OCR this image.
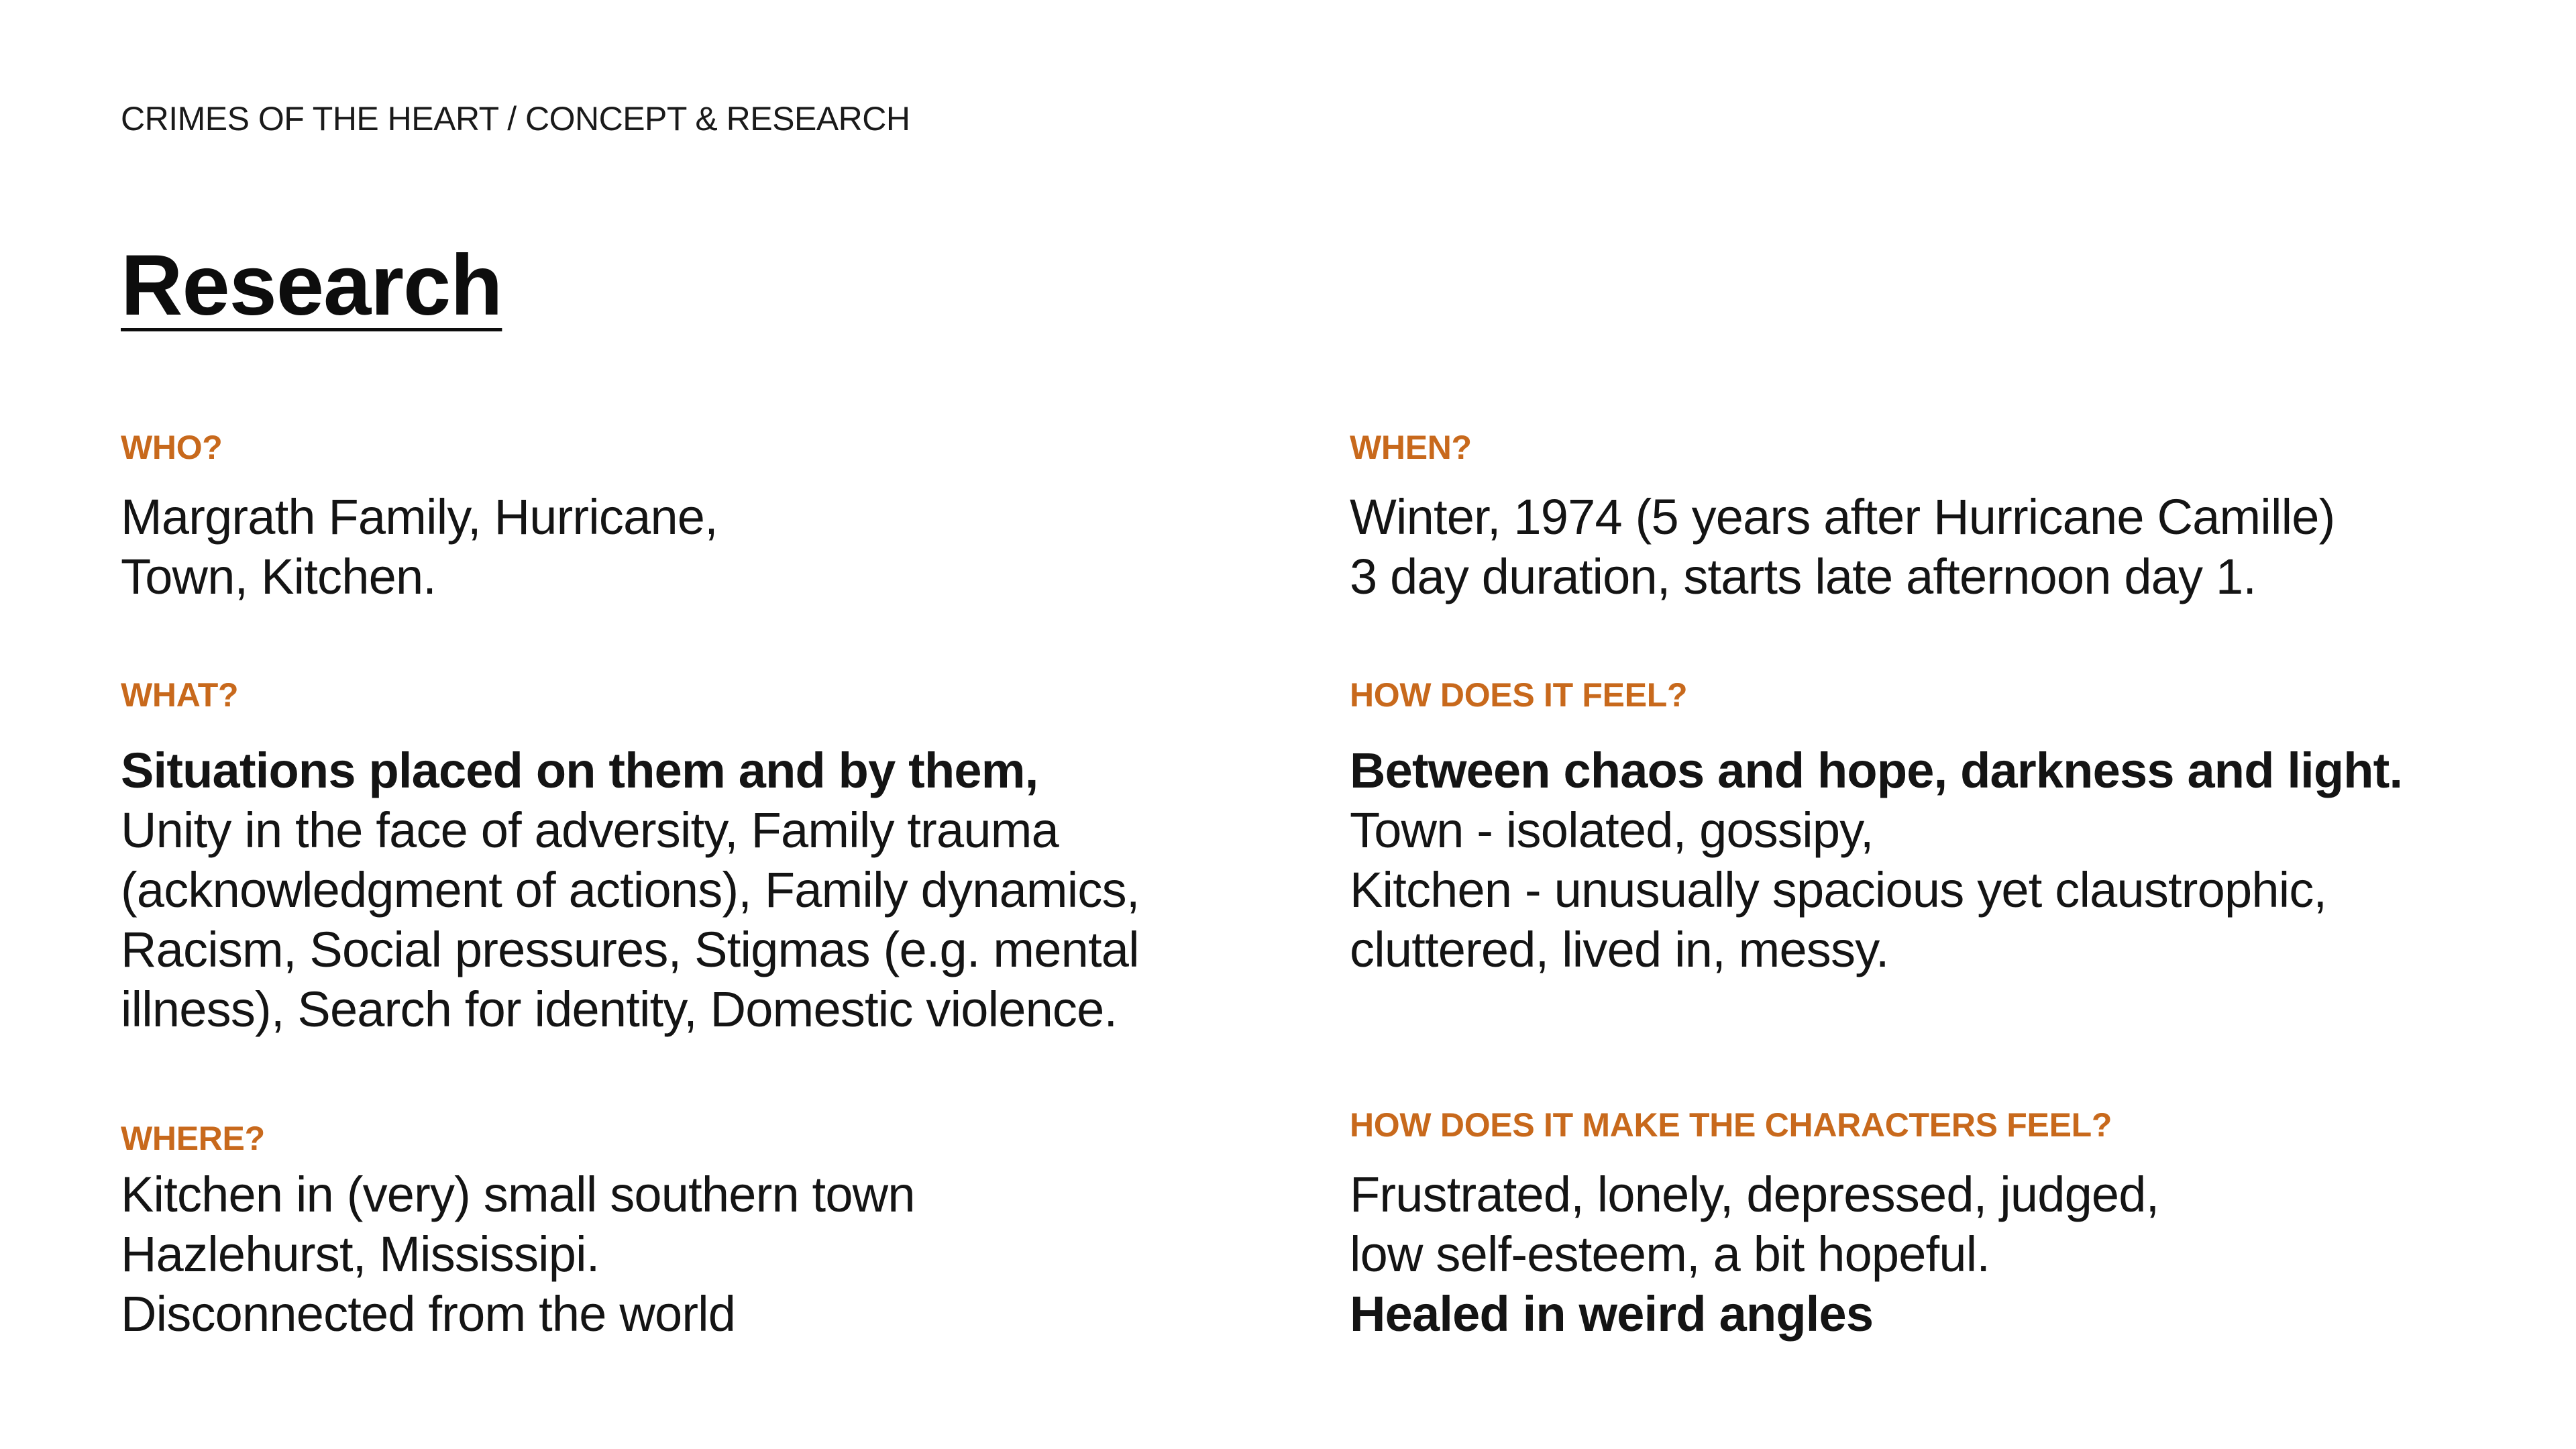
CRIMES OF THE HEART / CONCEPT & RESEARCH
Research
WHO?
Margrath Family, Hurricane,
Town, Kitchen.
WHEN?
Winter, 1974 (5 years after Hurricane Camille)
3 day duration, starts late afternoon day 1.
WHAT?
Situations placed on them and by them,
Unity in the face of adversity, Family trauma
(acknowledgment of actions), Family dynamics,
Racism, Social pressures, Stigmas (e.g. mental
illness), Search for identity, Domestic violence.
HOW DOES IT FEEL?
Between chaos and hope, darkness and light.
Town - isolated, gossipy,
Kitchen - unusually spacious yet claustrophic,
cluttered, lived in, messy.
WHERE?
Kitchen in (very) small southern town
Hazlehurst, Mississipi.
Disconnected from the world
HOW DOES IT MAKE THE CHARACTERS FEEL?
Frustrated, lonely, depressed, judged,
low self-esteem, a bit hopeful.
Healed in weird angles
